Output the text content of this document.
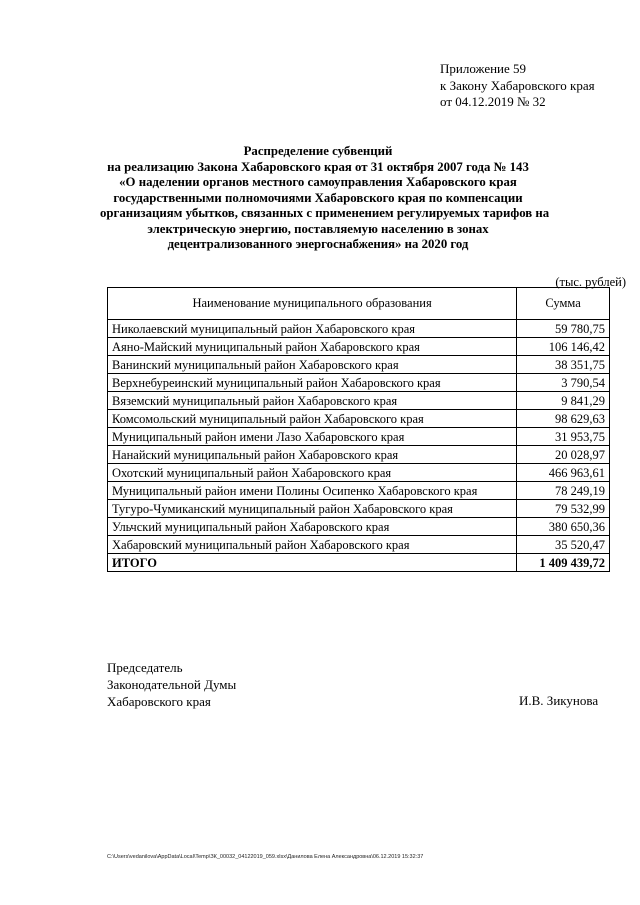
Приложение 59
к Закону Хабаровского края
от 04.12.2019 № 32
Распределение субвенций
на реализацию Закона Хабаровского края от 31 октября 2007 года № 143
«О наделении органов местного самоуправления Хабаровского края
государственными полномочиями Хабаровского края по компенсации
организациям убытков, связанных с применением регулируемых тарифов на
электрическую энергию, поставляемую населению в зонах
децентрализованного энергоснабжения» на 2020 год
(тыс. рублей)
Наименование муниципального образования	Сумма
Николаевский муниципальный район Хабаровского края	59 780,75
Аяно-Майский муниципальный район Хабаровского края	106 146,42
Ванинский муниципальный район Хабаровского края	38 351,75
Верхнебуреинский муниципальный район Хабаровского края	3 790,54
Вяземский муниципальный район Хабаровского края	9 841,29
Комсомольский муниципальный район Хабаровского края	98 629,63
Муниципальный район имени Лазо Хабаровского края	31 953,75
Нанайский муниципальный район Хабаровского края	20 028,97
Охотский муниципальный район Хабаровского края	466 963,61
Муниципальный район имени Полины Осипенко Хабаровского края	78 249,19
Тугуро-Чумиканский муниципальный район Хабаровского края	79 532,99
Ульчский муниципальный район Хабаровского края	380 650,36
Хабаровский муниципальный район Хабаровского края	35 520,47
ИТОГО	1 409 439,72
Председатель
Законодательной Думы
Хабаровского края	И.В. Зикунова
C:\Users\vedanilova\AppData\Local\Temp\ЗК_00032_04122019_059.xlsx\Данилова Елена Александровна\06.12.2019 15:32:37
